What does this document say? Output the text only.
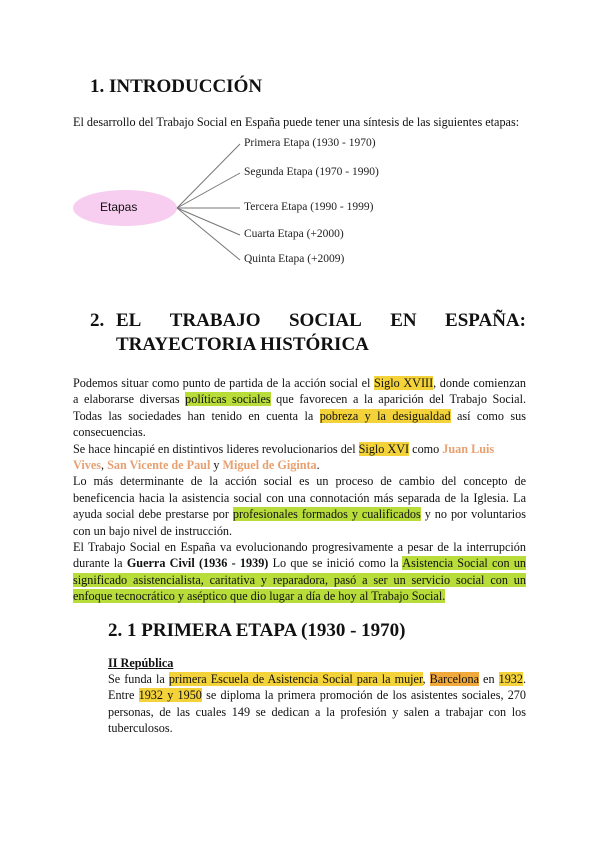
1. INTRODUCCIÓN
El desarrollo del Trabajo Social en España puede tener una síntesis de las siguientes etapas:
Etapas
Primera Etapa (1930 - 1970)
Segunda Etapa (1970 - 1990)
Tercera Etapa (1990 - 1999)
Cuarta Etapa (+2000)
Quinta Etapa (+2009)
2. EL TRABAJO SOCIAL EN ESPAÑA:
TRAYECTORIA HISTÓRICA
Podemos situar como punto de partida de la acción social el Siglo XVIII, donde comienzan a elaborarse diversas políticas sociales que favorecen a la aparición del Trabajo Social. Todas las sociedades han tenido en cuenta la pobreza y la desigualdad así como sus consecuencias.
Se hace hincapié en distintivos lideres revolucionarios del Siglo XVI como Juan Luis Vives, San Vicente de Paul y Miguel de Giginta.
Lo más determinante de la acción social es un proceso de cambio del concepto de beneficencia hacia la asistencia social con una connotación más separada de la Iglesia. La ayuda social debe prestarse por profesionales formados y cualificados y no por voluntarios con un bajo nivel de instrucción.
El Trabajo Social en España va evolucionando progresivamente a pesar de la interrupción durante la Guerra Civil (1936 - 1939) Lo que se inició como la Asistencia Social con un significado asistencialista, caritativa y reparadora, pasó a ser un servicio social con un enfoque tecnocrático y aséptico que dio lugar a día de hoy al Trabajo Social.
2. 1 PRIMERA ETAPA (1930 - 1970)
II República
Se funda la primera Escuela de Asistencia Social para la mujer, Barcelona en 1932. Entre 1932 y 1950 se diploma la primera promoción de los asistentes sociales, 270 personas, de las cuales 149 se dedican a la profesión y salen a trabajar con los tuberculosos.
